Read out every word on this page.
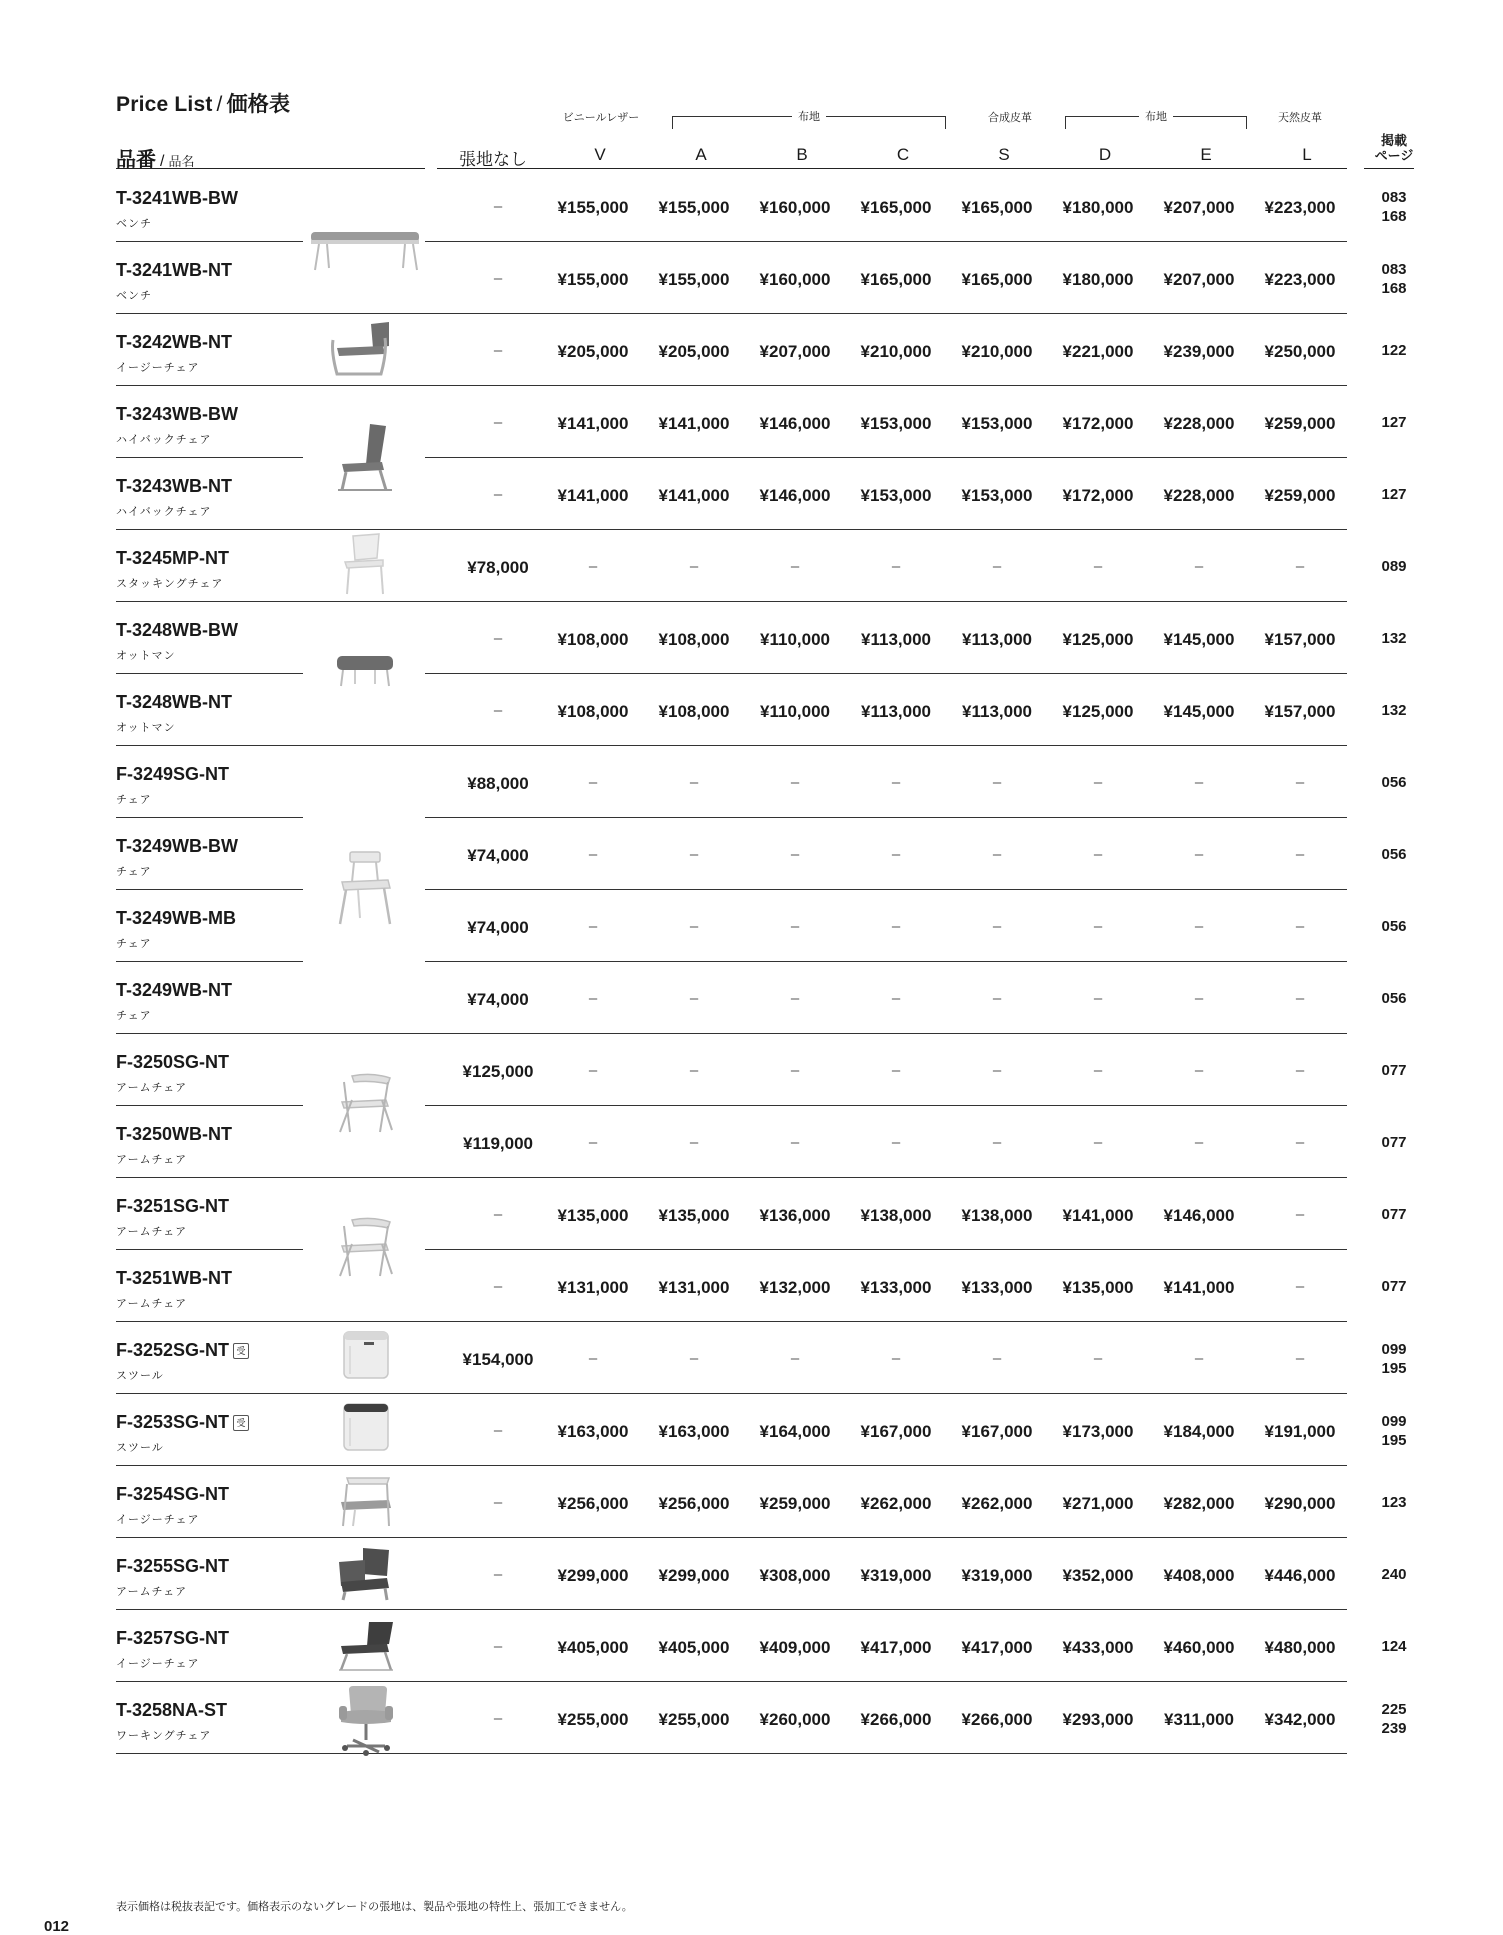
Price List / 価格表
ビニールレザー	布地	合成皮革	布地	天然皮革
品番 / 品名	張地なし	V	A	B	C	S	D	E	L
掲載
ページ
T-3241WB-BW
ベンチ
–	¥155,000	¥155,000	¥160,000	¥165,000	¥165,000	¥180,000	¥207,000	¥223,000
083
168
T-3241WB-NT
ベンチ
–	¥155,000	¥155,000	¥160,000	¥165,000	¥165,000	¥180,000	¥207,000	¥223,000
083
168
T-3242WB-NT
イージーチェア
–	¥205,000	¥205,000	¥207,000	¥210,000	¥210,000	¥221,000	¥239,000	¥250,000	122
T-3243WB-BW
ハイバックチェア
–	¥141,000	¥141,000	¥146,000	¥153,000	¥153,000	¥172,000	¥228,000	¥259,000	127
T-3243WB-NT
ハイバックチェア
–	¥141,000	¥141,000	¥146,000	¥153,000	¥153,000	¥172,000	¥228,000	¥259,000	127
T-3245MP-NT
スタッキングチェア
¥78,000	–	–	–	–	–	–	–	–	089
T-3248WB-BW
オットマン
–	¥108,000	¥108,000	¥110,000	¥113,000	¥113,000	¥125,000	¥145,000	¥157,000	132
T-3248WB-NT
オットマン
–	¥108,000	¥108,000	¥110,000	¥113,000	¥113,000	¥125,000	¥145,000	¥157,000	132
F-3249SG-NT
チェア
¥88,000	–	–	–	–	–	–	–	–	056
T-3249WB-BW
チェア
¥74,000	–	–	–	–	–	–	–	–	056
T-3249WB-MB
チェア
¥74,000	–	–	–	–	–	–	–	–	056
T-3249WB-NT
チェア
¥74,000	–	–	–	–	–	–	–	–	056
F-3250SG-NT
アームチェア
¥125,000	–	–	–	–	–	–	–	–	077
T-3250WB-NT
アームチェア
¥119,000	–	–	–	–	–	–	–	–	077
F-3251SG-NT
アームチェア
–	¥135,000	¥135,000	¥136,000	¥138,000	¥138,000	¥141,000	¥146,000	–	077
T-3251WB-NT
アームチェア
–	¥131,000	¥131,000	¥132,000	¥133,000	¥133,000	¥135,000	¥141,000	–	077
F-3252SG-NT 受
スツール
¥154,000	–	–	–	–	–	–	–	–
099
195
F-3253SG-NT 受
スツール
–	¥163,000	¥163,000	¥164,000	¥167,000	¥167,000	¥173,000	¥184,000	¥191,000
099
195
F-3254SG-NT
イージーチェア
–	¥256,000	¥256,000	¥259,000	¥262,000	¥262,000	¥271,000	¥282,000	¥290,000	123
F-3255SG-NT
アームチェア
–	¥299,000	¥299,000	¥308,000	¥319,000	¥319,000	¥352,000	¥408,000	¥446,000	240
F-3257SG-NT
イージーチェア
–	¥405,000	¥405,000	¥409,000	¥417,000	¥417,000	¥433,000	¥460,000	¥480,000	124
T-3258NA-ST
ワーキングチェア
–	¥255,000	¥255,000	¥260,000	¥266,000	¥266,000	¥293,000	¥311,000	¥342,000
225
239
表示価格は税抜表記です。価格表示のないグレードの張地は、製品や張地の特性上、張加工できません。
012
